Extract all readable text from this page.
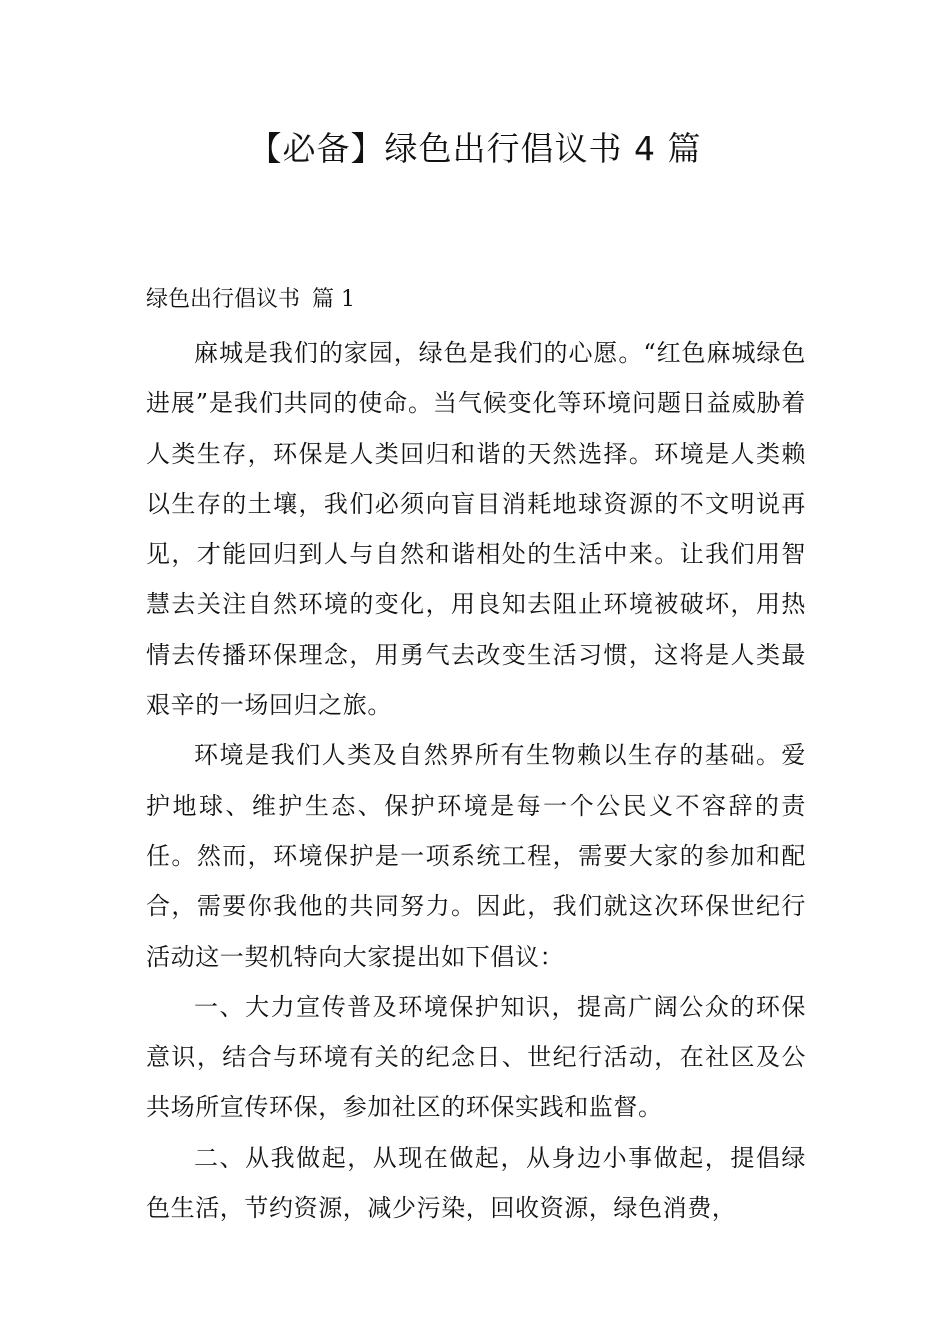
【必备】绿色出行倡议书 4 篇
绿色出行倡议书 篇 1

麻城是我们的家园，绿色是我们的心愿。“红色麻城绿色进展”是我们共同的使命。当气候变化等环境问题日益威胁着人类生存，环保是人类回归和谐的天然选择。环境是人类赖以生存的土壤，我们必须向盲目消耗地球资源的不文明说再见，才能回归到人与自然和谐相处的生活中来。让我们用智慧去关注自然环境的变化，用良知去阻止环境被破坏，用热情去传播环保理念，用勇气去改变生活习惯，这将是人类最艰辛的一场回归之旅。

环境是我们人类及自然界所有生物赖以生存的基础。爱护地球、维护生态、保护环境是每一个公民义不容辞的责任。然而，环境保护是一项系统工程，需要大家的参加和配合，需要你我他的共同努力。因此，我们就这次环保世纪行活动这一契机特向大家提出如下倡议：

一、大力宣传普及环境保护知识，提高广阔公众的环保意识，结合与环境有关的纪念日、世纪行活动，在社区及公共场所宣传环保，参加社区的环保实践和监督。

二、从我做起，从现在做起，从身边小事做起，提倡绿色生活，节约资源，减少污染，回收资源，绿色消费，
